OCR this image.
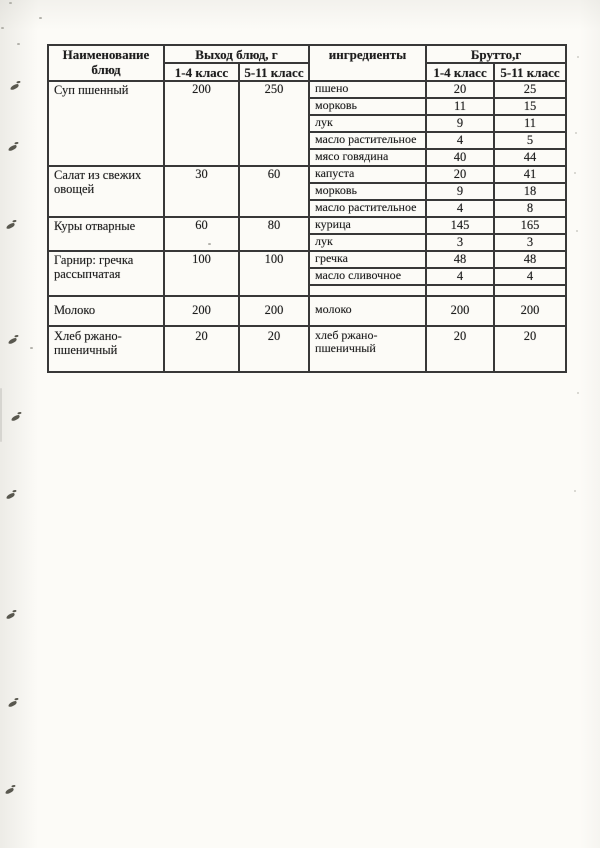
Наименование блюд	Выход блюд, г		ингредиенты	Брутто,г	
	1-4 класс	5-11 класс		1-4 класс	5-11 класс
Суп пшенный	200	250	пшено	20	25
			морковь	11	15
			лук	9	11
			масло растительное	4	5
			мясо говядина	40	44
Салат из свежих овощей	30	60	капуста	20	41
			морковь	9	18
			масло растительное	4	8
Куры отварные	60	80	курица	145	165
			лук	3	3
Гарнир: гречка рассыпчатая	100	100	гречка	48	48
			масло сливочное	4	4

Молоко	200	200	молоко	200	200
Хлеб ржано-пшеничный	20	20	хлеб ржано-пшеничный	20	20
